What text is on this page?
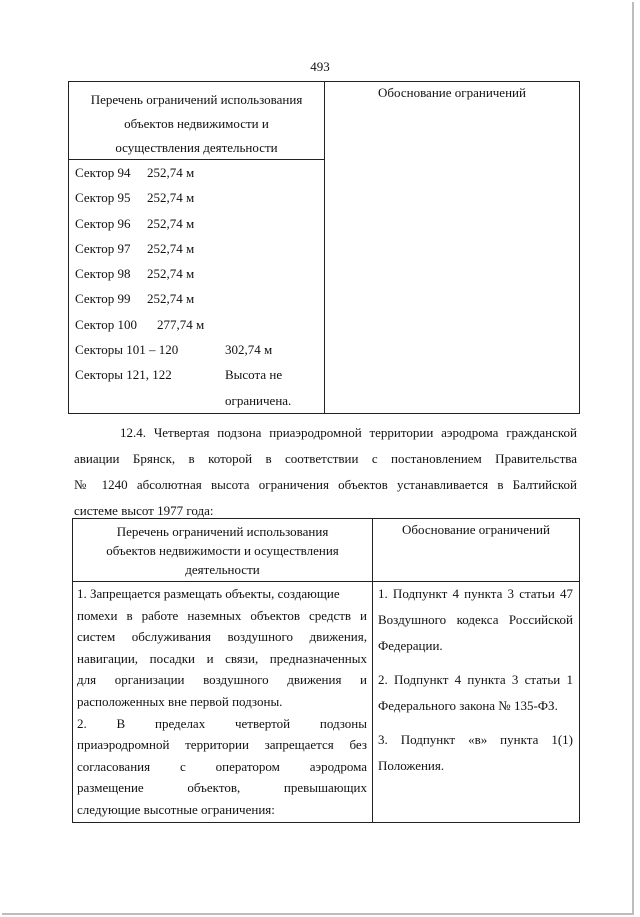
493
Перечень ограничений использования
объектов недвижимости и
осуществления деятельности
Обоснование ограничений
Сектор 94 252,74 м
Сектор 95 252,74 м
Сектор 96 252,74 м
Сектор 97 252,74 м
Сектор 98 252,74 м
Сектор 99 252,74 м
Сектор 100 277,74 м
Секторы 101 – 120	302,74 м
Секторы 121, 122	Высота не
ограничена.
12.4. Четвертая подзона приаэродромной территории аэродрома гражданской
авиации Брянск, в которой в соответствии с постановлением Правительства
№ 1240 абсолютная высота ограничения объектов устанавливается в Балтийской
системе высот 1977 года:
Перечень ограничений использования
объектов недвижимости и осуществления
деятельности
Обоснование ограничений
1. Запрещается размещать объекты, создающие
помехи в работе наземных объектов средств и
систем обслуживания воздушного движения,
навигации, посадки и связи, предназначенных
для организации воздушного движения и
расположенных вне первой подзоны.
2. В пределах четвертой подзоны
приаэродромной территории запрещается без
согласования с оператором аэродрома
размещение объектов, превышающих
следующие высотные ограничения:
1. Подпункт 4 пункта 3 статьи 47
Воздушного кодекса Российской
Федерации.
2. Подпункт 4 пункта 3 статьи 1
Федерального закона № 135-ФЗ.
3. Подпункт «в» пункта 1(1)
Положения.
